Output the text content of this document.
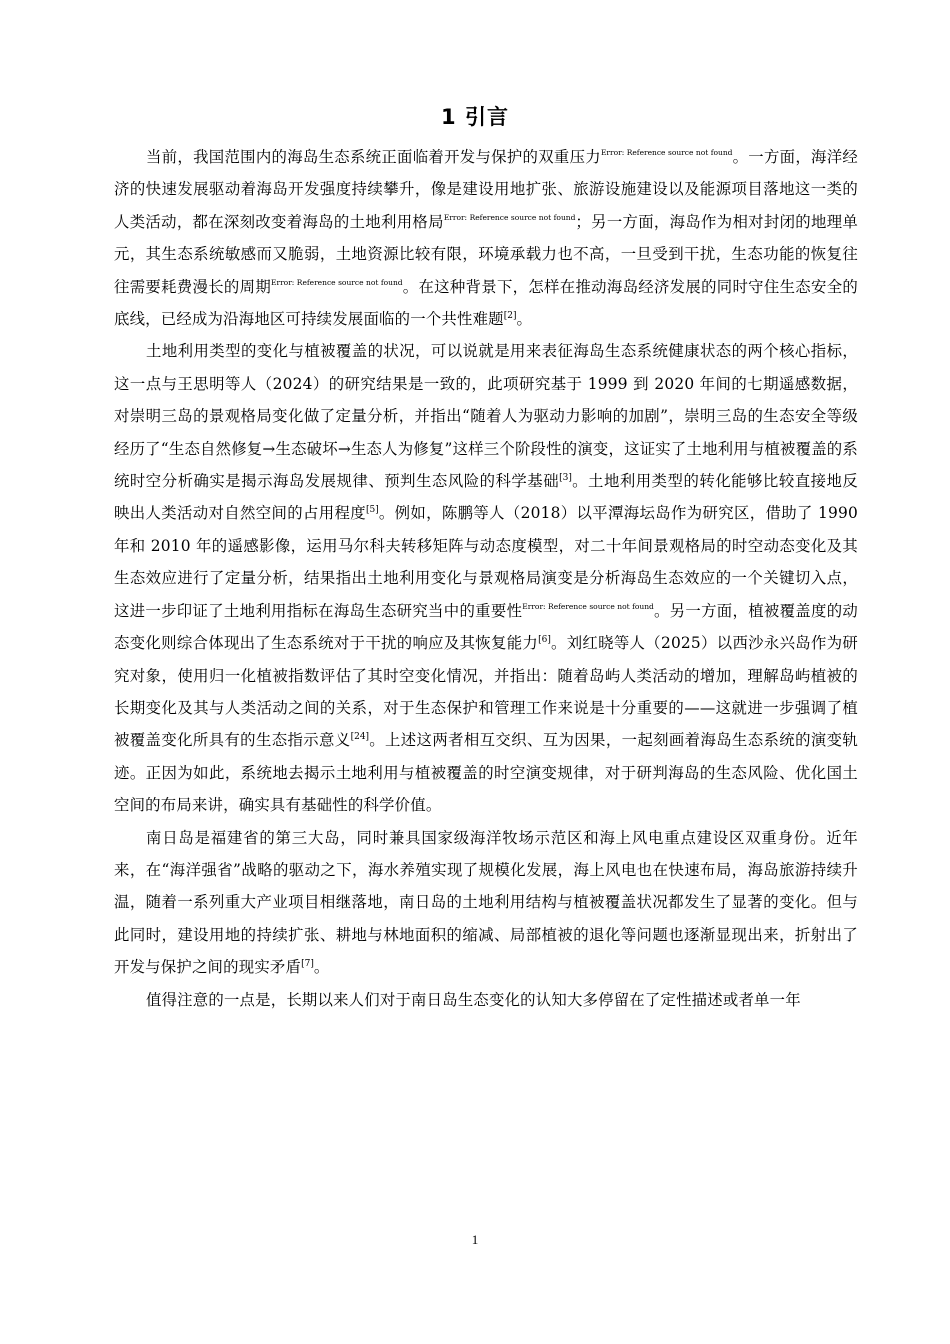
1 引言

当前，我国范围内的海岛生态系统正面临着开发与保护的双重压力$^{Error: Reference source not found}$。一方面，海洋经济的快速发展驱动着海岛开发强度持续攀升，像是建设用地扩张、旅游设施建设以及能源项目落地这一类的人类活动，都在深刻改变着海岛的土地利用格局$^{Error: Reference source not found}$；另一方面，海岛作为相对封闭的地理单元，其生态系统敏感而又脆弱，土地资源比较有限，环境承载力也不高，一旦受到干扰，生态功能的恢复往往需要耗费漫长的周期$^{Error: Reference source not found}$。在这种背景下，怎样在推动海岛经济发展的同时守住生态安全的底线，已经成为沿海地区可持续发展面临的一个共性难题[2]。

土地利用类型的变化与植被覆盖的状况，可以说就是用来表征海岛生态系统健康状态的两个核心指标，这一点与王思明等人（2024）的研究结果是一致的，此项研究基于 1999 到 2020 年间的七期遥感数据，对崇明三岛的景观格局变化做了定量分析，并指出“随着人为驱动力影响的加剧”，崇明三岛的生态安全等级经历了“生态自然修复→生态破坏→生态人为修复”这样三个阶段性的演变，这证实了土地利用与植被覆盖的系统时空分析确实是揭示海岛发展规律、预判生态风险的科学基础[3]。土地利用类型的转化能够比较直接地反映出人类活动对自然空间的占用程度[5]。例如，陈鹏等人（2018）以平潭海坛岛作为研究区，借助了 1990 年和 2010 年的遥感影像，运用马尔科夫转移矩阵与动态度模型，对二十年间景观格局的时空动态变化及其生态效应进行了定量分析，结果指出土地利用变化与景观格局演变是分析海岛生态效应的一个关键切入点，这进一步印证了土地利用指标在海岛生态研究当中的重要性$^{Error: Reference source not found}$。另一方面，植被覆盖度的动态变化则综合体现出了生态系统对于干扰的响应及其恢复能力[6]。刘红晓等人（2025）以西沙永兴岛作为研究对象，使用归一化植被指数评估了其时空变化情况，并指出：随着岛屿人类活动的增加，理解岛屿植被的长期变化及其与人类活动之间的关系，对于生态保护和管理工作来说是十分重要的——这就进一步强调了植被覆盖变化所具有的生态指示意义[24]。上述这两者相互交织、互为因果，一起刻画着海岛生态系统的演变轨迹。正因为如此，系统地去揭示土地利用与植被覆盖的时空演变规律，对于研判海岛的生态风险、优化国土空间的布局来讲，确实具有基础性的科学价值。

南日岛是福建省的第三大岛，同时兼具国家级海洋牧场示范区和海上风电重点建设区双重身份。近年来，在“海洋强省”战略的驱动之下，海水养殖实现了规模化发展，海上风电也在快速布局，海岛旅游持续升温，随着一系列重大产业项目相继落地，南日岛的土地利用结构与植被覆盖状况都发生了显著的变化。但与此同时，建设用地的持续扩张、耕地与林地面积的缩减、局部植被的退化等问题也逐渐显现出来，折射出了开发与保护之间的现实矛盾[7]。

值得注意的一点是，长期以来人们对于南日岛生态变化的认知大多停留在了定性描述或者单一年

1
